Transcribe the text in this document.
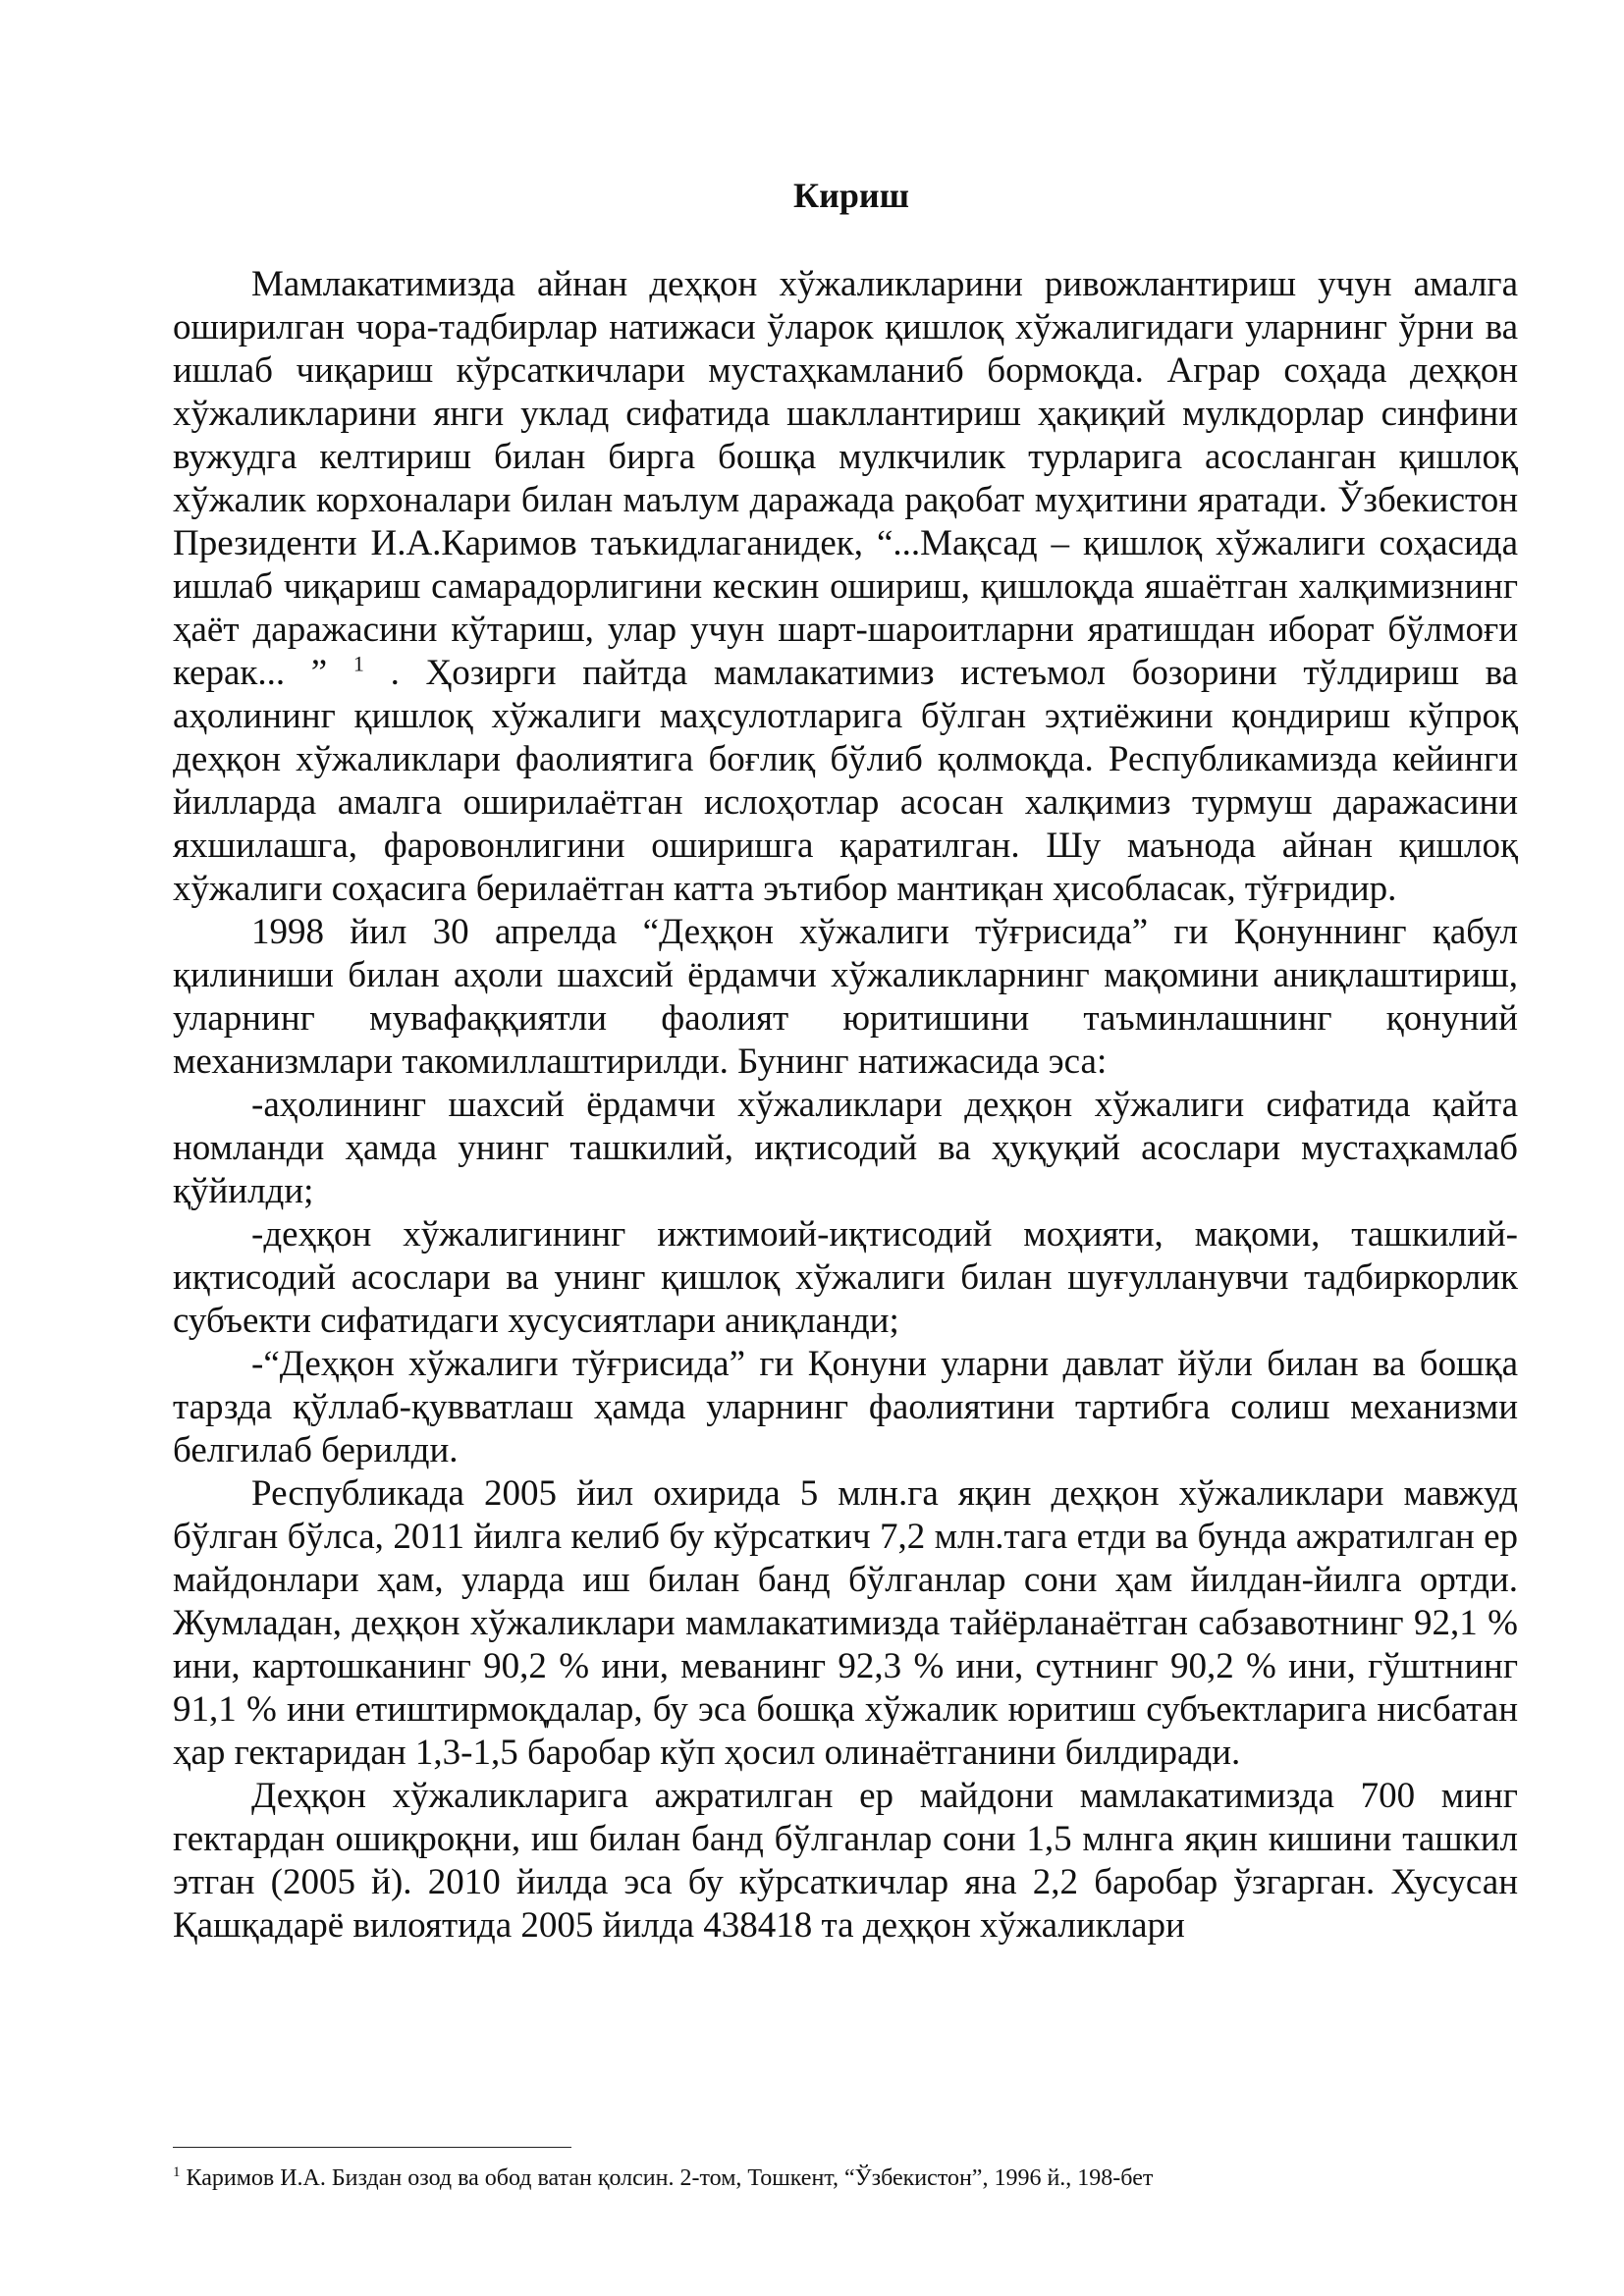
Кириш

Мамлакатимизда айнан деҳқон хўжаликларини ривожлантириш учун амалга оширилган чора-тадбирлар натижаси ўларок қишлоқ хўжалигидаги уларнинг ўрни ва ишлаб чиқариш кўрсаткичлари мустаҳкамланиб бормоқда. Аграр соҳада деҳқон хўжаликларини янги уклад сифатида шакллантириш ҳақиқий мулкдорлар синфини вужудга келтириш билан бирга бошқа мулкчилик турларига асосланган қишлоқ хўжалик корхоналари билан маълум даражада рақобат муҳитини яратади. Ўзбекистон Президенти И.А.Каримов таъкидлаганидек, “...Мақсад – қишлоқ хўжалиги соҳасида ишлаб чиқариш самарадорлигини кескин ошириш, қишлоқда яшаётган халқимизнинг ҳаёт даражасини кўтариш, улар учун шарт-шароитларни яратишдан иборат бўлмоғи керак... ” $^1$ . Ҳозирги пайтда мамлакатимиз истеъмол бозорини тўлдириш ва аҳолининг қишлоқ хўжалиги маҳсулотларига бўлган эҳтиёжини қондириш кўпроқ деҳқон хўжаликлари фаолиятига боғлиқ бўлиб қолмоқда. Республикамизда кейинги йилларда амалга оширилаётган ислоҳотлар асосан халқимиз турмуш даражасини яхшилашга, фаровонлигини оширишга қаратилган. Шу маънода айнан қишлоқ хўжалиги соҳасига берилаётган катта эътибор мантиқан ҳисобласак, тўғридир.

1998 йил 30 апрелда “Деҳқон хўжалиги тўғрисида” ги Қонуннинг қабул қилиниши билан аҳоли шахсий ёрдамчи хўжаликларнинг мақомини аниқлаштириш, уларнинг мувафаққиятли фаолият юритишини таъминлашнинг қонуний механизмлари такомиллаштирилди. Бунинг натижасида эса:

-аҳолининг шахсий ёрдамчи хўжаликлари деҳқон хўжалиги сифатида қайта номланди ҳамда унинг ташкилий, иқтисодий ва ҳуқуқий асослари мустаҳкамлаб қўйилди;

-деҳқон хўжалигининг ижтимоий-иқтисодий моҳияти, мақоми, ташкилий-иқтисодий асослари ва унинг қишлоқ хўжалиги билан шуғулланувчи тадбиркорлик субъекти сифатидаги хусусиятлари аниқланди;

-“Деҳқон хўжалиги тўғрисида” ги Қонуни уларни давлат йўли билан ва бошқа тарзда қўллаб-қувватлаш ҳамда уларнинг фаолиятини тартибга солиш механизми белгилаб берилди.

Республикада 2005 йил охирида 5 млн.га яқин деҳқон хўжаликлари мавжуд бўлган бўлса, 2011 йилга келиб бу кўрсаткич 7,2 млн.тага етди ва бунда ажратилган ер майдонлари ҳам, уларда иш билан банд бўлганлар сони ҳам йилдан-йилга ортди. Жумладан, деҳқон хўжаликлари мамлакатимизда тайёрланаётган сабзавотнинг 92,1 % ини, картошканинг 90,2 % ини, меванинг 92,3 % ини, сутнинг 90,2 % ини, гўштнинг 91,1 % ини етиштирмоқдалар, бу эса бошқа хўжалик юритиш субъектларига нисбатан ҳар гектаридан 1,3-1,5 баробар кўп ҳосил олинаётганини билдиради.

Деҳқон хўжаликларига ажратилган ер майдони мамлакатимизда 700 минг гектардан ошиқроқни, иш билан банд бўлганлар сони 1,5 млнга яқин кишини ташкил этган (2005 й). 2010 йилда эса бу кўрсаткичлар яна 2,2 баробар ўзгарган. Хусусан Қашқадарё вилоятида 2005 йилда 438418 та деҳқон хўжаликлари

$^1$ Каримов И.А. Биздан озод ва обод ватан қолсин. 2-том, Тошкент, “Ўзбекистон”, 1996 й., 198-бет
